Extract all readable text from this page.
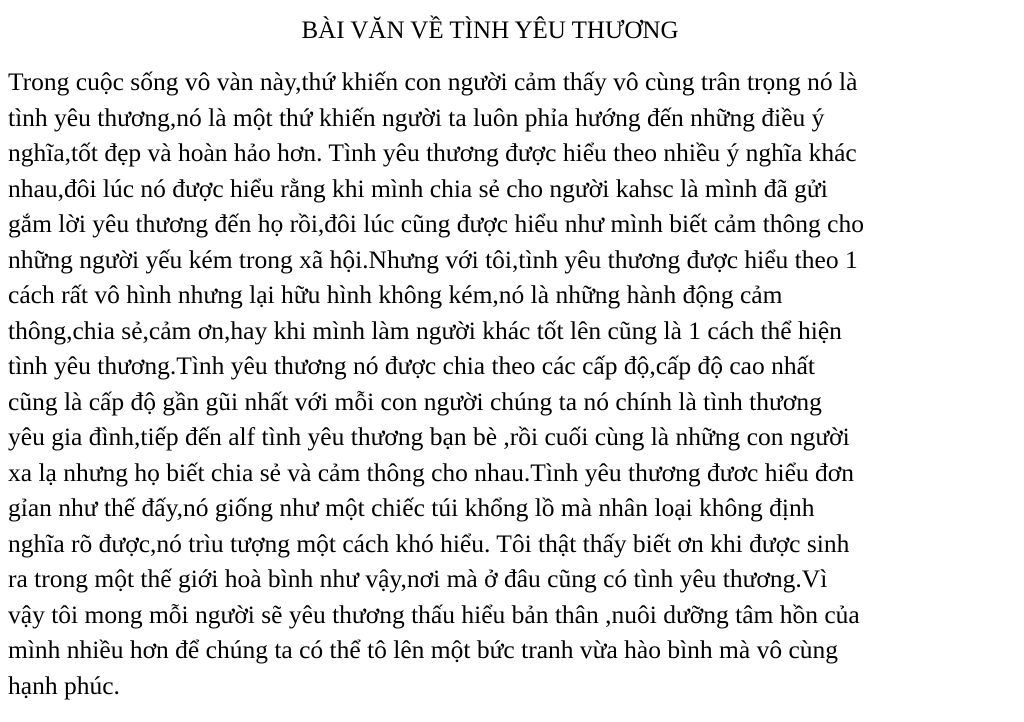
BÀI VĂN VỀ TÌNH YÊU THƯƠNG
Trong cuộc sống vô vàn này,thứ khiến con người cảm thấy vô cùng trân trọng nó là
tình yêu thương,nó là một thứ khiến người ta luôn phỉa hướng đến những điều ý
nghĩa,tốt đẹp và hoàn hảo hơn. Tình yêu thương được hiểu theo nhiều ý nghĩa khác
nhau,đôi lúc nó được hiểu rằng khi mình chia sẻ cho người kahsc là mình đã gửi
gắm lời yêu thương đến họ rồi,đôi lúc cũng được hiểu như mình biết cảm thông cho
những người yếu kém trong xã hội.Nhưng với tôi,tình yêu thương được hiểu theo 1
cách rất vô hình nhưng lại hữu hình không kém,nó là những hành động cảm
thông,chia sẻ,cảm ơn,hay khi mình làm người khác tốt lên cũng là 1 cách thể hiện
tình yêu thương.Tình yêu thương nó được chia theo các cấp độ,cấp độ cao nhất
cũng là cấp độ gần gũi nhất với mỗi con người chúng ta nó chính là tình thương
yêu gia đình,tiếp đến alf tình yêu thương bạn bè ,rồi cuối cùng là những con người
xa lạ nhưng họ biết chia sẻ và cảm thông cho nhau.Tình yêu thương đươc hiểu đơn
gỉan như thế đấy,nó giống như một chiếc túi khổng lồ mà nhân loại không định
nghĩa rõ được,nó trìu tượng một cách khó hiểu. Tôi thật thấy biết ơn khi được sinh
ra trong một thế giới hoà bình như vậy,nơi mà ở đâu cũng có tình yêu thương.Vì
vậy tôi mong mỗi người sẽ yêu thương thấu hiểu bản thân ,nuôi dưỡng tâm hồn của
mình nhiều hơn để chúng ta có thể tô lên một bức tranh vừa hào bình mà vô cùng
hạnh phúc.
